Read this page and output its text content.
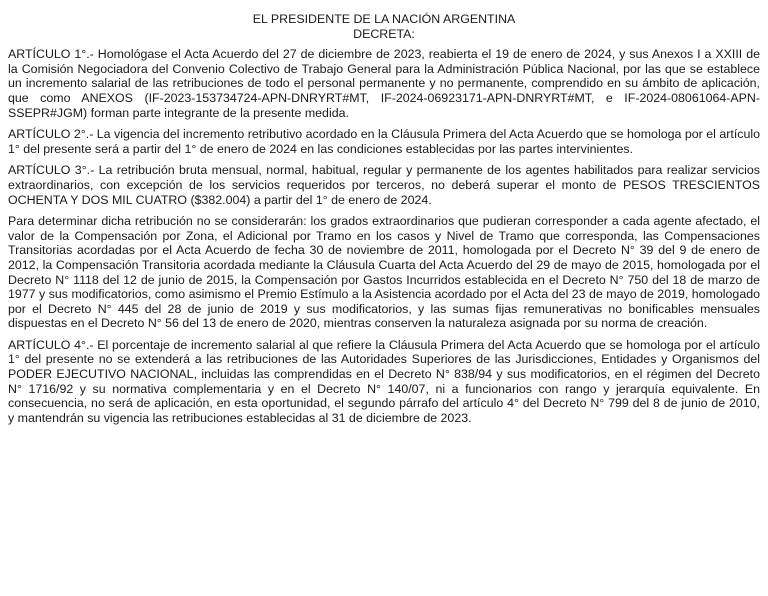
EL PRESIDENTE DE LA NACIÓN ARGENTINA
DECRETA:

ARTÍCULO 1°.- Homológase el Acta Acuerdo del 27 de diciembre de 2023, reabierta el 19 de enero de 2024, y sus Anexos I a XXIII de la Comisión Negociadora del Convenio Colectivo de Trabajo General para la Administración Pública Nacional, por las que se establece un incremento salarial de las retribuciones de todo el personal permanente y no permanente, comprendido en su ámbito de aplicación, que como ANEXOS (IF-2023-153734724-APN-DNRYRT#MT, IF-2024-06923171-APN-DNRYRT#MT, e IF-2024-08061064-APN-SSEPR#JGM) forman parte integrante de la presente medida.

ARTÍCULO 2°.- La vigencia del incremento retributivo acordado en la Cláusula Primera del Acta Acuerdo que se homologa por el artículo 1° del presente será a partir del 1° de enero de 2024 en las condiciones establecidas por las partes intervinientes.

ARTÍCULO 3°.- La retribución bruta mensual, normal, habitual, regular y permanente de los agentes habilitados para realizar servicios extraordinarios, con excepción de los servicios requeridos por terceros, no deberá superar el monto de PESOS TRESCIENTOS OCHENTA Y DOS MIL CUATRO ($382.004) a partir del 1° de enero de 2024.

Para determinar dicha retribución no se considerarán: los grados extraordinarios que pudieran corresponder a cada agente afectado, el valor de la Compensación por Zona, el Adicional por Tramo en los casos y Nivel de Tramo que corresponda, las Compensaciones Transitorias acordadas por el Acta Acuerdo de fecha 30 de noviembre de 2011, homologada por el Decreto N° 39 del 9 de enero de 2012, la Compensación Transitoria acordada mediante la Cláusula Cuarta del Acta Acuerdo del 29 de mayo de 2015, homologada por el Decreto N° 1118 del 12 de junio de 2015, la Compensación por Gastos Incurridos establecida en el Decreto N° 750 del 18 de marzo de 1977 y sus modificatorios, como asimismo el Premio Estímulo a la Asistencia acordado por el Acta del 23 de mayo de 2019, homologado por el Decreto N° 445 del 28 de junio de 2019 y sus modificatorios, y las sumas fijas remunerativas no bonificables mensuales dispuestas en el Decreto N° 56 del 13 de enero de 2020, mientras conserven la naturaleza asignada por su norma de creación.

ARTÍCULO 4°.- El porcentaje de incremento salarial al que refiere la Cláusula Primera del Acta Acuerdo que se homologa por el artículo 1° del presente no se extenderá a las retribuciones de las Autoridades Superiores de las Jurisdicciones, Entidades y Organismos del PODER EJECUTIVO NACIONAL, incluidas las comprendidas en el Decreto N° 838/94 y sus modificatorios, en el régimen del Decreto N° 1716/92 y su normativa complementaria y en el Decreto N° 140/07, ni a funcionarios con rango y jerarquía equivalente. En consecuencia, no será de aplicación, en esta oportunidad, el segundo párrafo del artículo 4° del Decreto N° 799 del 8 de junio de 2010, y mantendrán su vigencia las retribuciones establecidas al 31 de diciembre de 2023.
